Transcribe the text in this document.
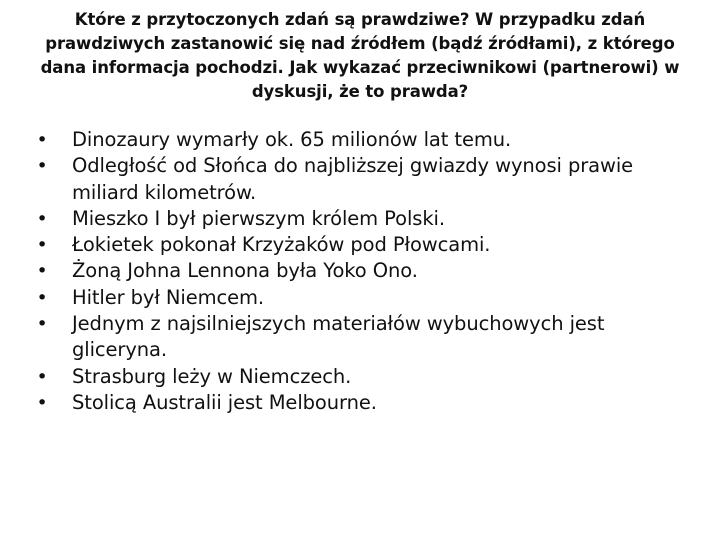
Które z przytoczonych zdań są prawdziwe? W przypadku zdań prawdziwych zastanowić się nad źródłem (bądź źródłami), z którego dana informacja pochodzi. Jak wykazać przeciwnikowi (partnerowi) w dyskusji, że to prawda?
• Dinozaury wymarły ok. 65 milionów lat temu.
• Odległość od Słońca do najbliższej gwiazdy wynosi prawie miliard kilometrów.
• Mieszko I był pierwszym królem Polski.
• Łokietek pokonał Krzyżaków pod Płowcami.
• Żoną Johna Lennona była Yoko Ono.
• Hitler był Niemcem.
• Jednym z najsilniejszych materiałów wybuchowych jest gliceryna.
• Strasburg leży w Niemczech.
• Stolicą Australii jest Melbourne.
